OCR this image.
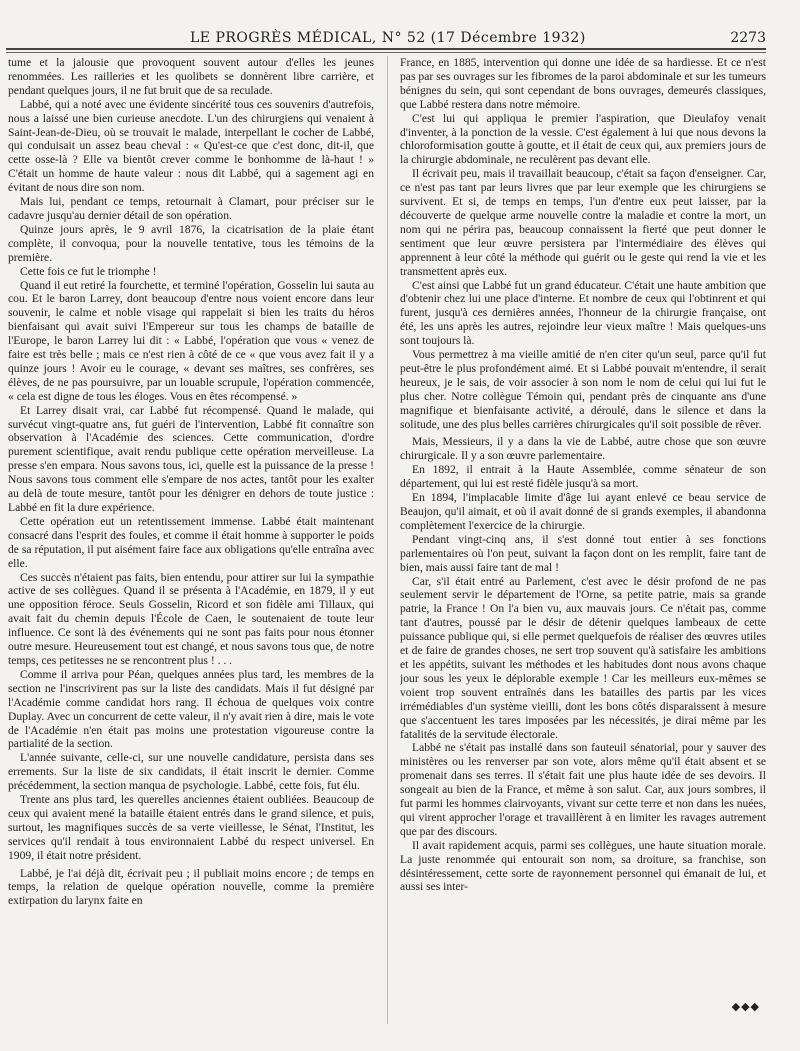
LE PROGRÈS MÉDICAL, N° 52 (17 Décembre 1932)	2273

tume et la jalousie que provoquent souvent autour d'elles les jeunes renommées. Les railleries et les quolibets se donnèrent libre carrière, et pendant quelques jours, il ne fut bruit que de sa reculade.

Labbé, qui a noté avec une évidente sincérité tous ces souvenirs d'autrefois, nous a laissé une bien curieuse anecdote. L'un des chirurgiens qui venaient à Saint-Jean-de-Dieu, où se trouvait le malade, interpellant le cocher de Labbé, qui conduisait un assez beau cheval : « Qu'est-ce que c'est donc, dit-il, que cette osse-là ? Elle va bientôt crever comme le bonhomme de là-haut ! » C'était un homme de haute valeur : nous dit Labbé, qui a sagement agi en évitant de nous dire son nom.

Mais lui, pendant ce temps, retournait à Clamart, pour préciser sur le cadavre jusqu'au dernier détail de son opération.

Quinze jours après, le 9 avril 1876, la cicatrisation de la plaie étant complète, il convoqua, pour la nouvelle tentative, tous les témoins de la première.

Cette fois ce fut le triomphe !

Quand il eut retiré la fourchette, et terminé l'opération, Gosselin lui sauta au cou. Et le baron Larrey, dont beaucoup d'entre nous voient encore dans leur souvenir, le calme et noble visage qui rappelait si bien les traits du héros bienfaisant qui avait suivi l'Empereur sur tous les champs de bataille de l'Europe, le baron Larrey lui dit : « Labbé, l'opération que vous « venez de faire est très belle ; mais ce n'est rien à côté de ce « que vous avez fait il y a quinze jours ! Avoir eu le courage, « devant ses maîtres, ses confrères, ses élèves, de ne pas poursuivre, par un louable scrupule, l'opération commencée, « cela est digne de tous les éloges. Vous en êtes récompensé. »

Et Larrey disait vrai, car Labbé fut récompensé. Quand le malade, qui survécut vingt-quatre ans, fut guéri de l'intervention, Labbé fit connaître son observation à l'Académie des sciences. Cette communication, d'ordre purement scientifique, avait rendu publique cette opération merveilleuse. La presse s'en empara. Nous savons tous, ici, quelle est la puissance de la presse ! Nous savons tous comment elle s'empare de nos actes, tantôt pour les exalter au delà de toute mesure, tantôt pour les dénigrer en dehors de toute justice : Labbé en fit la dure expérience.

Cette opération eut un retentissement immense. Labbé était maintenant consacré dans l'esprit des foules, et comme il était homme à supporter le poids de sa réputation, il put aisément faire face aux obligations qu'elle entraîna avec elle.

Ces succès n'étaient pas faits, bien entendu, pour attirer sur lui la sympathie active de ses collègues. Quand il se présenta à l'Académie, en 1879, il y eut une opposition féroce. Seuls Gosselin, Ricord et son fidèle ami Tillaux, qui avait fait du chemin depuis l'École de Caen, le soutenaient de toute leur influence. Ce sont là des événements qui ne sont pas faits pour nous étonner outre mesure. Heureusement tout est changé, et nous savons tous que, de notre temps, ces petitesses ne se rencontrent plus ! . . .

Comme il arriva pour Péan, quelques années plus tard, les membres de la section ne l'inscrivirent pas sur la liste des candidats. Mais il fut désigné par l'Académie comme candidat hors rang. Il échoua de quelques voix contre Duplay. Avec un concurrent de cette valeur, il n'y avait rien à dire, mais le vote de l'Académie n'en était pas moins une protestation vigoureuse contre la partialité de la section.

L'année suivante, celle-ci, sur une nouvelle candidature, persista dans ses errements. Sur la liste de six candidats, il était inscrit le dernier. Comme précédemment, la section manqua de psychologie. Labbé, cette fois, fut élu.

Trente ans plus tard, les querelles anciennes étaient oubliées. Beaucoup de ceux qui avaient mené la bataille étaient entrés dans le grand silence, et puis, surtout, les magnifiques succès de sa verte vieillesse, le Sénat, l'Institut, les services qu'il rendait à tous environnaient Labbé du respect universel. En 1909, il était notre président.

Labbé, je l'ai déjà dit, écrivait peu ; il publiait moins encore ; de temps en temps, la relation de quelque opération nouvelle, comme la première extirpation du larynx faite en

France, en 1885, intervention qui donne une idée de sa hardiesse. Et ce n'est pas par ses ouvrages sur les fibromes de la paroi abdominale et sur les tumeurs bénignes du sein, qui sont cependant de bons ouvrages, demeurés classiques, que Labbé restera dans notre mémoire.

C'est lui qui appliqua le premier l'aspiration, que Dieulafoy venait d'inventer, à la ponction de la vessie. C'est également à lui que nous devons la chloroformisation goutte à goutte, et il était de ceux qui, aux premiers jours de la chirurgie abdominale, ne reculèrent pas devant elle.

Il écrivait peu, mais il travaillait beaucoup, c'était sa façon d'enseigner. Car, ce n'est pas tant par leurs livres que par leur exemple que les chirurgiens se survivent. Et si, de temps en temps, l'un d'entre eux peut laisser, par la découverte de quelque arme nouvelle contre la maladie et contre la mort, un nom qui ne périra pas, beaucoup connaissent la fierté que peut donner le sentiment que leur œuvre persistera par l'intermédiaire des élèves qui apprennent à leur côté la méthode qui guérit ou le geste qui rend la vie et les transmettent après eux.

C'est ainsi que Labbé fut un grand éducateur. C'était une haute ambition que d'obtenir chez lui une place d'interne. Et nombre de ceux qui l'obtinrent et qui furent, jusqu'à ces dernières années, l'honneur de la chirurgie française, ont été, les uns après les autres, rejoindre leur vieux maître ! Mais quelques-uns sont toujours là.

Vous permettrez à ma vieille amitié de n'en citer qu'un seul, parce qu'il fut peut-être le plus profondément aimé. Et si Labbé pouvait m'entendre, il serait heureux, je le sais, de voir associer à son nom le nom de celui qui lui fut le plus cher. Notre collègue Témoin qui, pendant près de cinquante ans d'une magnifique et bienfaisante activité, a déroulé, dans le silence et dans la solitude, une des plus belles carrières chirurgicales qu'il soit possible de rêver.

Mais, Messieurs, il y a dans la vie de Labbé, autre chose que son œuvre chirurgicale. Il y a son œuvre parlementaire.

En 1892, il entrait à la Haute Assemblée, comme sénateur de son département, qui lui est resté fidèle jusqu'à sa mort.

En 1894, l'implacable limite d'âge lui ayant enlevé ce beau service de Beaujon, qu'il aimait, et où il avait donné de si grands exemples, il abandonna complètement l'exercice de la chirurgie.

Pendant vingt-cinq ans, il s'est donné tout entier à ses fonctions parlementaires où l'on peut, suivant la façon dont on les remplit, faire tant de bien, mais aussi faire tant de mal !

Car, s'il était entré au Parlement, c'est avec le désir profond de ne pas seulement servir le département de l'Orne, sa petite patrie, mais sa grande patrie, la France ! On l'a bien vu, aux mauvais jours. Ce n'était pas, comme tant d'autres, poussé par le désir de détenir quelques lambeaux de cette puissance publique qui, si elle permet quelquefois de réaliser des œuvres utiles et de faire de grandes choses, ne sert trop souvent qu'à satisfaire les ambitions et les appétits, suivant les méthodes et les habitudes dont nous avons chaque jour sous les yeux le déplorable exemple ! Car les meilleurs eux-mêmes se voient trop souvent entraînés dans les batailles des partis par les vices irrémédiables d'un système vieilli, dont les bons côtés disparaissent à mesure que s'accentuent les tares imposées par les nécessités, je dirai même par les fatalités de la servitude électorale.

Labbé ne s'était pas installé dans son fauteuil sénatorial, pour y sauver des ministères ou les renverser par son vote, alors même qu'il était absent et se promenait dans ses terres. Il s'était fait une plus haute idée de ses devoirs. Il songeait au bien de la France, et même à son salut. Car, aux jours sombres, il fut parmi les hommes clairvoyants, vivant sur cette terre et non dans les nuées, qui virent approcher l'orage et travaillèrent à en limiter les ravages autrement que par des discours.

Il avait rapidement acquis, parmi ses collègues, une haute situation morale. La juste renommée qui entourait son nom, sa droiture, sa franchise, son désintéressement, cette sorte de rayonnement personnel qui émanait de lui, et aussi ses inter-

◆◆◆
